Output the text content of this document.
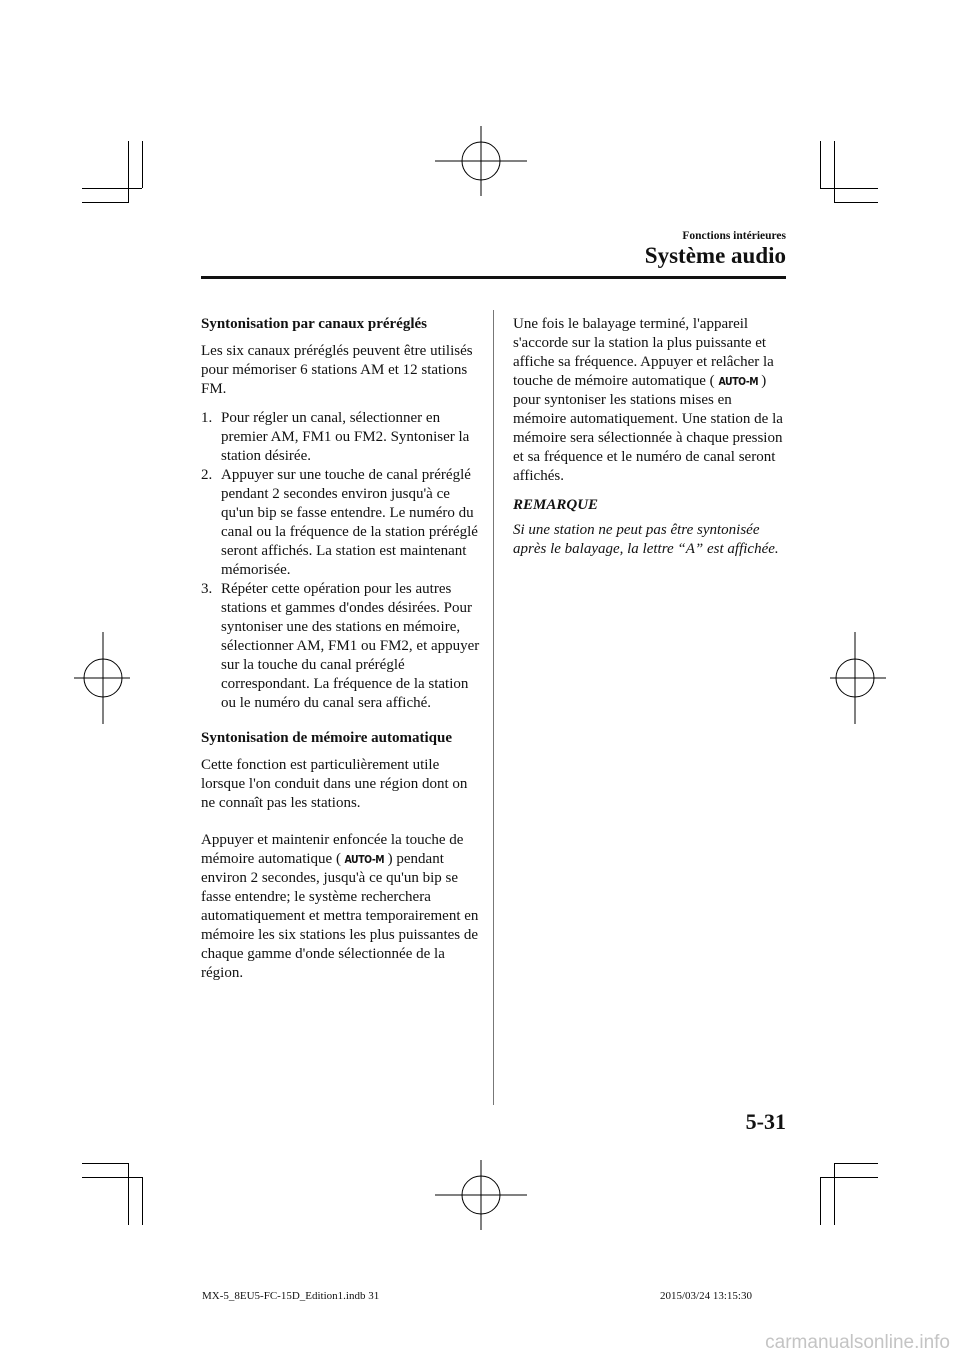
Fonctions intérieures
Système audio
Syntonisation par canaux préréglés

Les six canaux préréglés peuvent être utilisés pour mémoriser 6 stations AM et 12 stations FM.

1. Pour régler un canal, sélectionner en premier AM, FM1 ou FM2. Syntoniser la station désirée.
2. Appuyer sur une touche de canal préréglé pendant 2 secondes environ jusqu'à ce qu'un bip se fasse entendre. Le numéro du canal ou la fréquence de la station préréglé seront affichés. La station est maintenant mémorisée.
3. Répéter cette opération pour les autres stations et gammes d'ondes désirées. Pour syntoniser une des stations en mémoire, sélectionner AM, FM1 ou FM2, et appuyer sur la touche du canal préréglé correspondant. La fréquence de la station ou le numéro du canal sera affiché.
Syntonisation de mémoire automatique

Cette fonction est particulièrement utile lorsque l'on conduit dans une région dont on ne connaît pas les stations.

Appuyer et maintenir enfoncée la touche de mémoire automatique ( AUTO-M ) pendant environ 2 secondes, jusqu'à ce qu'un bip se fasse entendre; le système recherchera automatiquement et mettra temporairement en mémoire les six stations les plus puissantes de chaque gamme d'onde sélectionnée de la région.

Une fois le balayage terminé, l'appareil s'accorde sur la station la plus puissante et affiche sa fréquence. Appuyer et relâcher la touche de mémoire automatique ( AUTO-M ) pour syntoniser les stations mises en mémoire automatiquement. Une station de la mémoire sera sélectionnée à chaque pression et sa fréquence et le numéro de canal seront affichés.

REMARQUE

Si une station ne peut pas être syntonisée après le balayage, la lettre “A” est affichée.

5-31
MX-5_8EU5-FC-15D_Edition1.indb 31	2015/03/24 13:15:30
carmanualsonline.info
